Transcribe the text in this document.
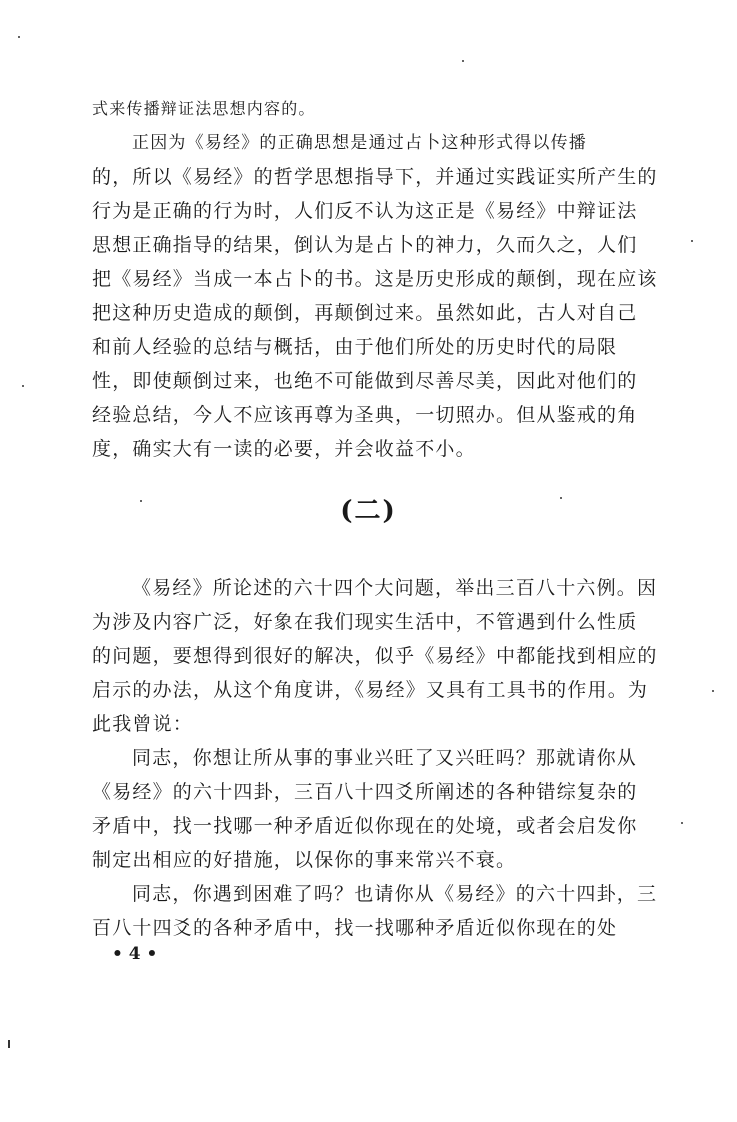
式来传播辩证法思想内容的。
正因为《易经》的正确思想是通过占卜这种形式得以传播
的，所以《易经》的哲学思想指导下，并通过实践证实所产生的
行为是正确的行为时，人们反不认为这正是《易经》中辩证法
思想正确指导的结果，倒认为是占卜的神力，久而久之，人们
把《易经》当成一本占卜的书。这是历史形成的颠倒，现在应该
把这种历史造成的颠倒，再颠倒过来。虽然如此，古人对自己
和前人经验的总结与概括，由于他们所处的历史时代的局限
性，即使颠倒过来，也绝不可能做到尽善尽美，因此对他们的
经验总结，今人不应该再尊为圣典，一切照办。但从鉴戒的角
度，确实大有一读的必要，并会收益不小。
(二)
《易经》所论述的六十四个大问题，举出三百八十六例。因
为涉及内容广泛，好象在我们现实生活中，不管遇到什么性质
的问题，要想得到很好的解决，似乎《易经》中都能找到相应的
启示的办法，从这个角度讲，《易经》又具有工具书的作用。为
此我曾说：
同志，你想让所从事的事业兴旺了又兴旺吗？那就请你从
《易经》的六十四卦，三百八十四爻所阐述的各种错综复杂的
矛盾中，找一找哪一种矛盾近似你现在的处境，或者会启发你
制定出相应的好措施，以保你的事来常兴不衰。
同志，你遇到困难了吗？也请你从《易经》的六十四卦，三
百八十四爻的各种矛盾中，找一找哪种矛盾近似你现在的处
• 4 •
